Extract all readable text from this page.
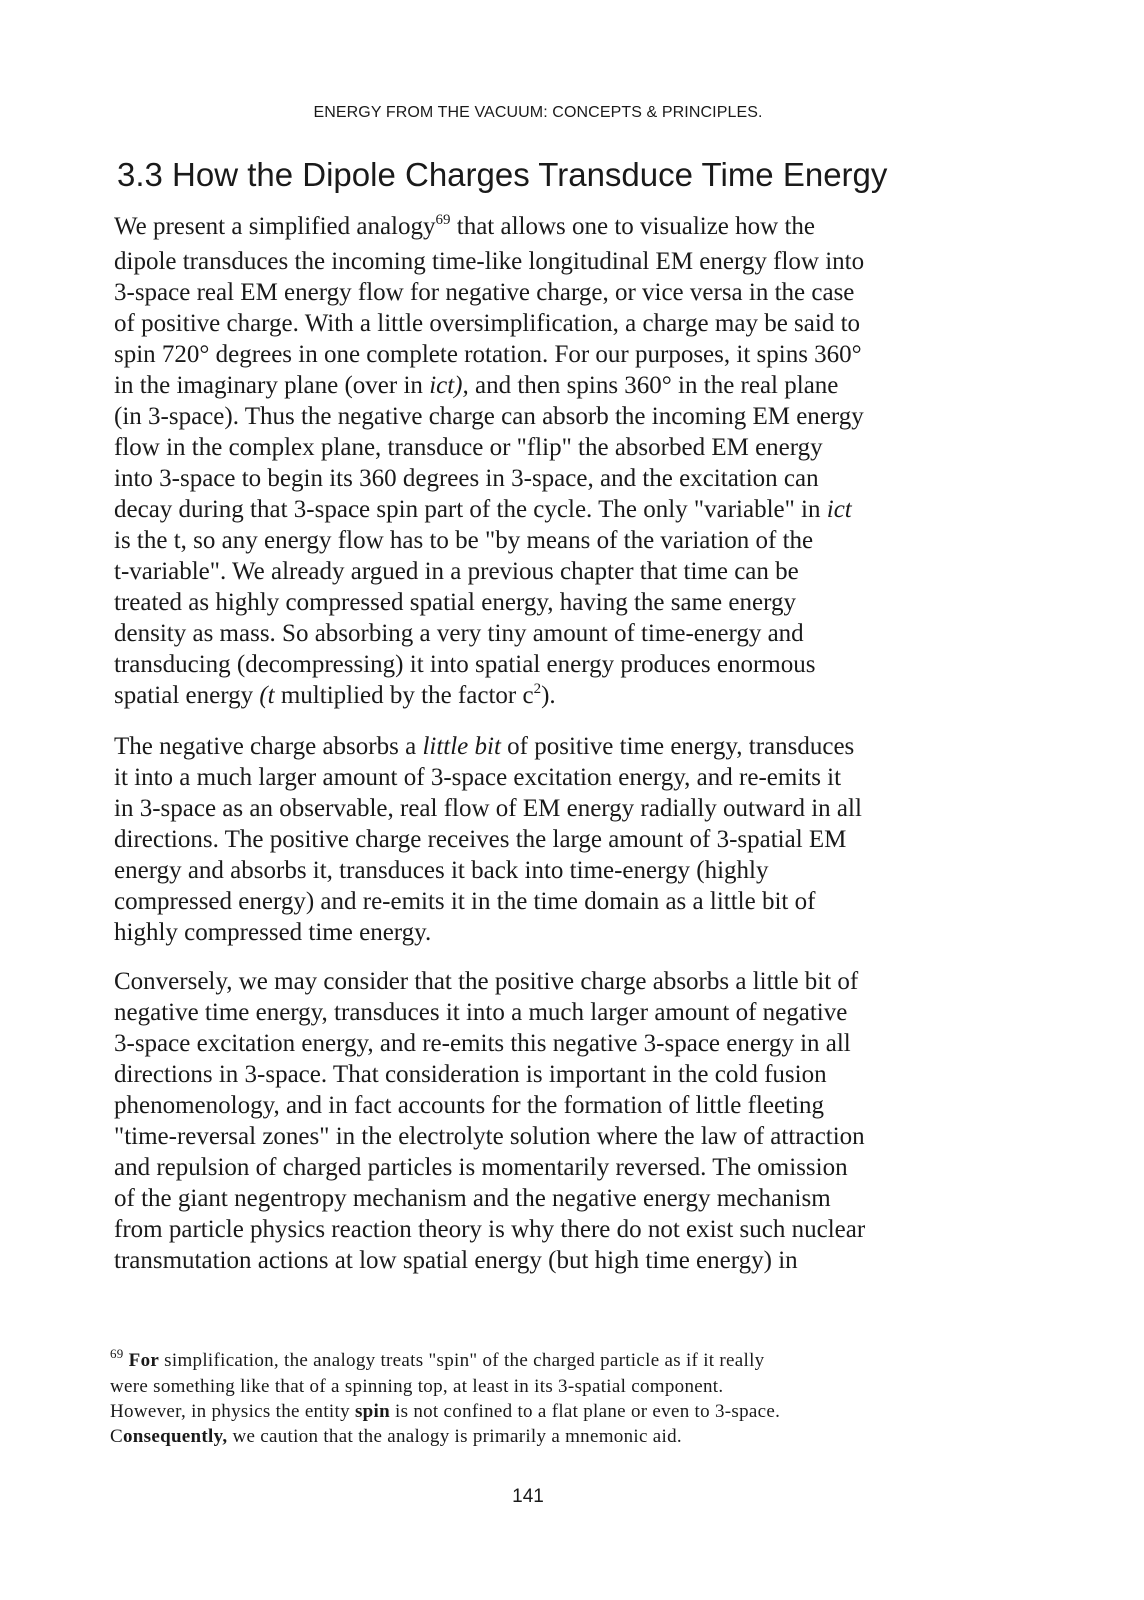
ENERGY FROM THE VACUUM: CONCEPTS & PRINCIPLES.
3.3 How the Dipole Charges Transduce Time Energy
We present a simplified analogy$^{69}$ that allows one to visualize how the
dipole transduces the incoming time-like longitudinal EM energy flow into
3-space real EM energy flow for negative charge, or vice versa in the case
of positive charge. With a little oversimplification, a charge may be said to
spin 720° degrees in one complete rotation. For our purposes, it spins 360°
in the imaginary plane (over in ict), and then spins 360° in the real plane
(in 3-space). Thus the negative charge can absorb the incoming EM energy
flow in the complex plane, transduce or "flip" the absorbed EM energy
into 3-space to begin its 360 degrees in 3-space, and the excitation can
decay during that 3-space spin part of the cycle. The only "variable" in ict
is the t, so any energy flow has to be "by means of the variation of the
t-variable". We already argued in a previous chapter that time can be
treated as highly compressed spatial energy, having the same energy
density as mass. So absorbing a very tiny amount of time-energy and
transducing (decompressing) it into spatial energy produces enormous
spatial energy (t multiplied by the factor $c^2$).
The negative charge absorbs a little bit of positive time energy, transduces
it into a much larger amount of 3-space excitation energy, and re-emits it
in 3-space as an observable, real flow of EM energy radially outward in all
directions. The positive charge receives the large amount of 3-spatial EM
energy and absorbs it, transduces it back into time-energy (highly
compressed energy) and re-emits it in the time domain as a little bit of
highly compressed time energy.
Conversely, we may consider that the positive charge absorbs a little bit of
negative time energy, transduces it into a much larger amount of negative
3-space excitation energy, and re-emits this negative 3-space energy in all
directions in 3-space. That consideration is important in the cold fusion
phenomenology, and in fact accounts for the formation of little fleeting
"time-reversal zones" in the electrolyte solution where the law of attraction
and repulsion of charged particles is momentarily reversed. The omission
of the giant negentropy mechanism and the negative energy mechanism
from particle physics reaction theory is why there do not exist such nuclear
transmutation actions at low spatial energy (but high time energy) in
$^{69}$ For simplification, the analogy treats "spin" of the charged particle as if it really
were something like that of a spinning top, at least in its 3-spatial component.
However, in physics the entity spin is not confined to a flat plane or even to 3-space.
Consequently, we caution that the analogy is primarily a mnemonic aid.
141
